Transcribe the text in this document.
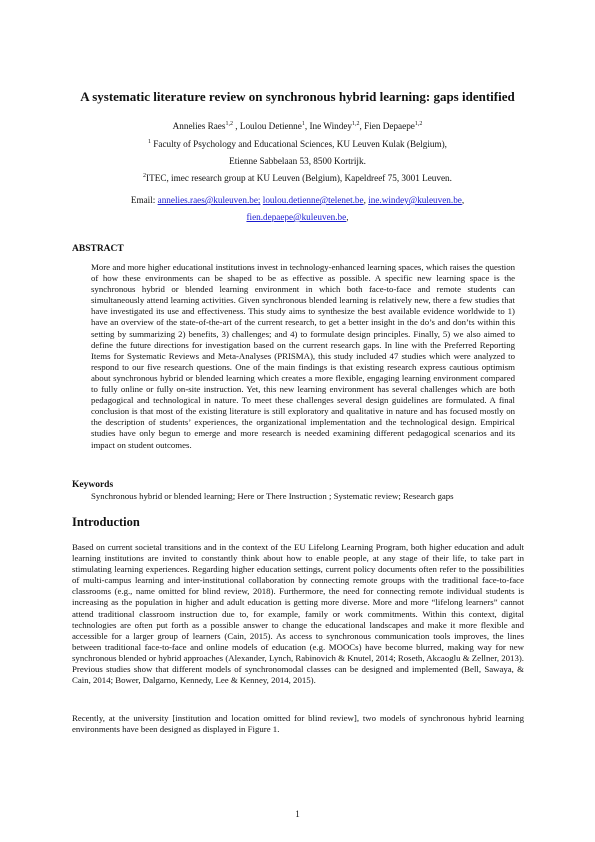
A systematic literature review on synchronous hybrid learning: gaps identified
Annelies Raes$^{1,2}$ , Loulou Detienne$^1$, Ine Windey$^{1,2}$, Fien Depaepe$^{1,2}$
$^1$ Faculty of Psychology and Educational Sciences, KU Leuven Kulak (Belgium),
Etienne Sabbelaan 53, 8500 Kortrijk.
$^2$ITEC, imec research group at KU Leuven (Belgium), Kapeldreef 75, 3001 Leuven.
Email: annelies.raes@kuleuven.be; loulou.detienne@telenet.be, ine.windey@kuleuven.be,
fien.depaepe@kuleuven.be,
ABSTRACT
More and more higher educational institutions invest in technology-enhanced learning spaces, which raises the question of how these environments can be shaped to be as effective as possible. A specific new learning space is the synchronous hybrid or blended learning environment in which both face-to-face and remote students can simultaneously attend learning activities. Given synchronous blended learning is relatively new, there a few studies that have investigated its use and effectiveness. This study aims to synthesize the best available evidence worldwide to 1) have an overview of the state-of-the-art of the current research, to get a better insight in the do’s and don’ts within this setting by summarizing 2) benefits, 3) challenges; and 4) to formulate design principles. Finally, 5) we also aimed to define the future directions for investigation based on the current research gaps. In line with the Preferred Reporting Items for Systematic Reviews and Meta-Analyses (PRISMA), this study included 47 studies which were analyzed to respond to our five research questions. One of the main findings is that existing research express cautious optimism about synchronous hybrid or blended learning which creates a more flexible, engaging learning environment compared to fully online or fully on-site instruction. Yet, this new learning environment has several challenges which are both pedagogical and technological in nature. To meet these challenges several design guidelines are formulated. A final conclusion is that most of the existing literature is still exploratory and qualitative in nature and has focused mostly on the description of students’ experiences, the organizational implementation and the technological design. Empirical studies have only begun to emerge and more research is needed examining different pedagogical scenarios and its impact on student outcomes.
Keywords
Synchronous hybrid or blended learning; Here or There Instruction ; Systematic review; Research gaps
Introduction
Based on current societal transitions and in the context of the EU Lifelong Learning Program, both higher education and adult learning institutions are invited to constantly think about how to enable people, at any stage of their life, to take part in stimulating learning experiences. Regarding higher education settings, current policy documents often refer to the possibilities of multi-campus learning and inter-institutional collaboration by connecting remote groups with the traditional face-to-face classrooms (e.g., name omitted for blind review, 2018). Furthermore, the need for connecting remote individual students is increasing as the population in higher and adult education is getting more diverse. More and more “lifelong learners” cannot attend traditional classroom instruction due to, for example, family or work commitments. Within this context, digital technologies are often put forth as a possible answer to change the educational landscapes and make it more flexible and accessible for a larger group of learners (Cain, 2015). As access to synchronous communication tools improves, the lines between traditional face-to-face and online models of education (e.g. MOOCs) have become blurred, making way for new synchronous blended or hybrid approaches (Alexander, Lynch, Rabinovich & Knutel, 2014; Roseth, Akcaoglu & Zellner, 2013). Previous studies show that different models of synchronomodal classes can be designed and implemented (Bell, Sawaya, & Cain, 2014; Bower, Dalgarno, Kennedy, Lee & Kenney, 2014, 2015).
Recently, at the university [institution and location omitted for blind review], two models of synchronous hybrid learning environments have been designed as displayed in Figure 1.
1
